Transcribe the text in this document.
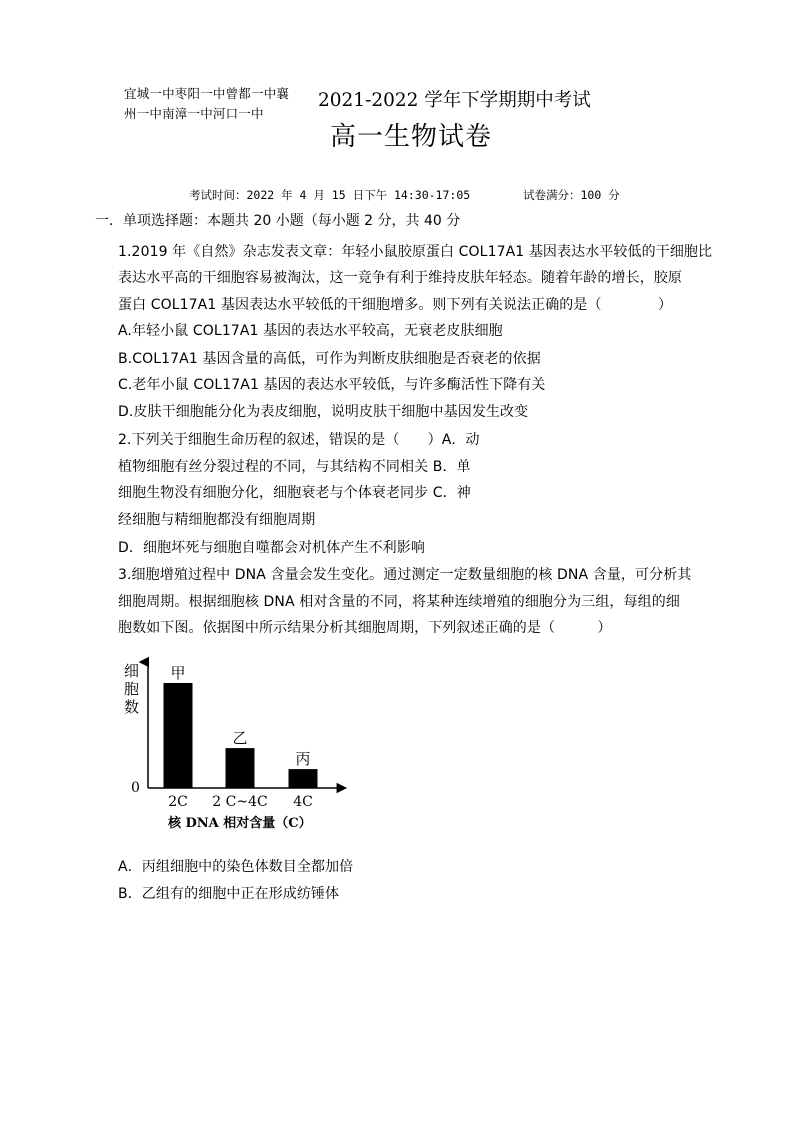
宜城一中枣阳一中曾都一中襄
州一中南漳一中河口一中
2021-2022 学年下学期期中考试
高一生物试卷
考试时间：2022 年 4 月 15 日下午 14:30-17:05	试卷满分：100 分
一．单项选择题：本题共 20 小题（每小题 2 分，共 40 分
1.2019 年《自然》杂志发表文章：年轻小鼠胶原蛋白 COL17A1 基因表达水平较低的干细胞比
表达水平高的干细胞容易被淘汰，这一竞争有利于维持皮肤年轻态。随着年龄的增长，胶原
蛋白 COL17A1 基因表达水平较低的干细胞增多。则下列有关说法正确的是（　　　　）
A.年轻小鼠 COL17A1 基因的表达水平较高，无衰老皮肤细胞
B.COL17A1 基因含量的高低，可作为判断皮肤细胞是否衰老的依据
C.老年小鼠 COL17A1 基因的表达水平较低，与许多酶活性下降有关
D.皮肤干细胞能分化为表皮细胞，说明皮肤干细胞中基因发生改变
2.下列关于细胞生命历程的叙述，错误的是（　　）A．动
植物细胞有丝分裂过程的不同，与其结构不同相关 B．单
细胞生物没有细胞分化，细胞衰老与个体衰老同步 C．神
经细胞与精细胞都没有细胞周期
D．细胞坏死与细胞自噬都会对机体产生不利影响
3.细胞增殖过程中 DNA 含量会发生变化。通过测定一定数量细胞的核 DNA 含量，可分析其
细胞周期。根据细胞核 DNA 相对含量的不同，将某种连续增殖的细胞分为三组，每组的细
胞数如下图。依据图中所示结果分析其细胞周期，下列叙述正确的是（　　　）
细
胞
数
0
甲
2C
乙
2 C~4C
丙
4C
核 DNA 相对含量（C）
A．丙组细胞中的染色体数目全都加倍
B．乙组有的细胞中正在形成纺锤体
